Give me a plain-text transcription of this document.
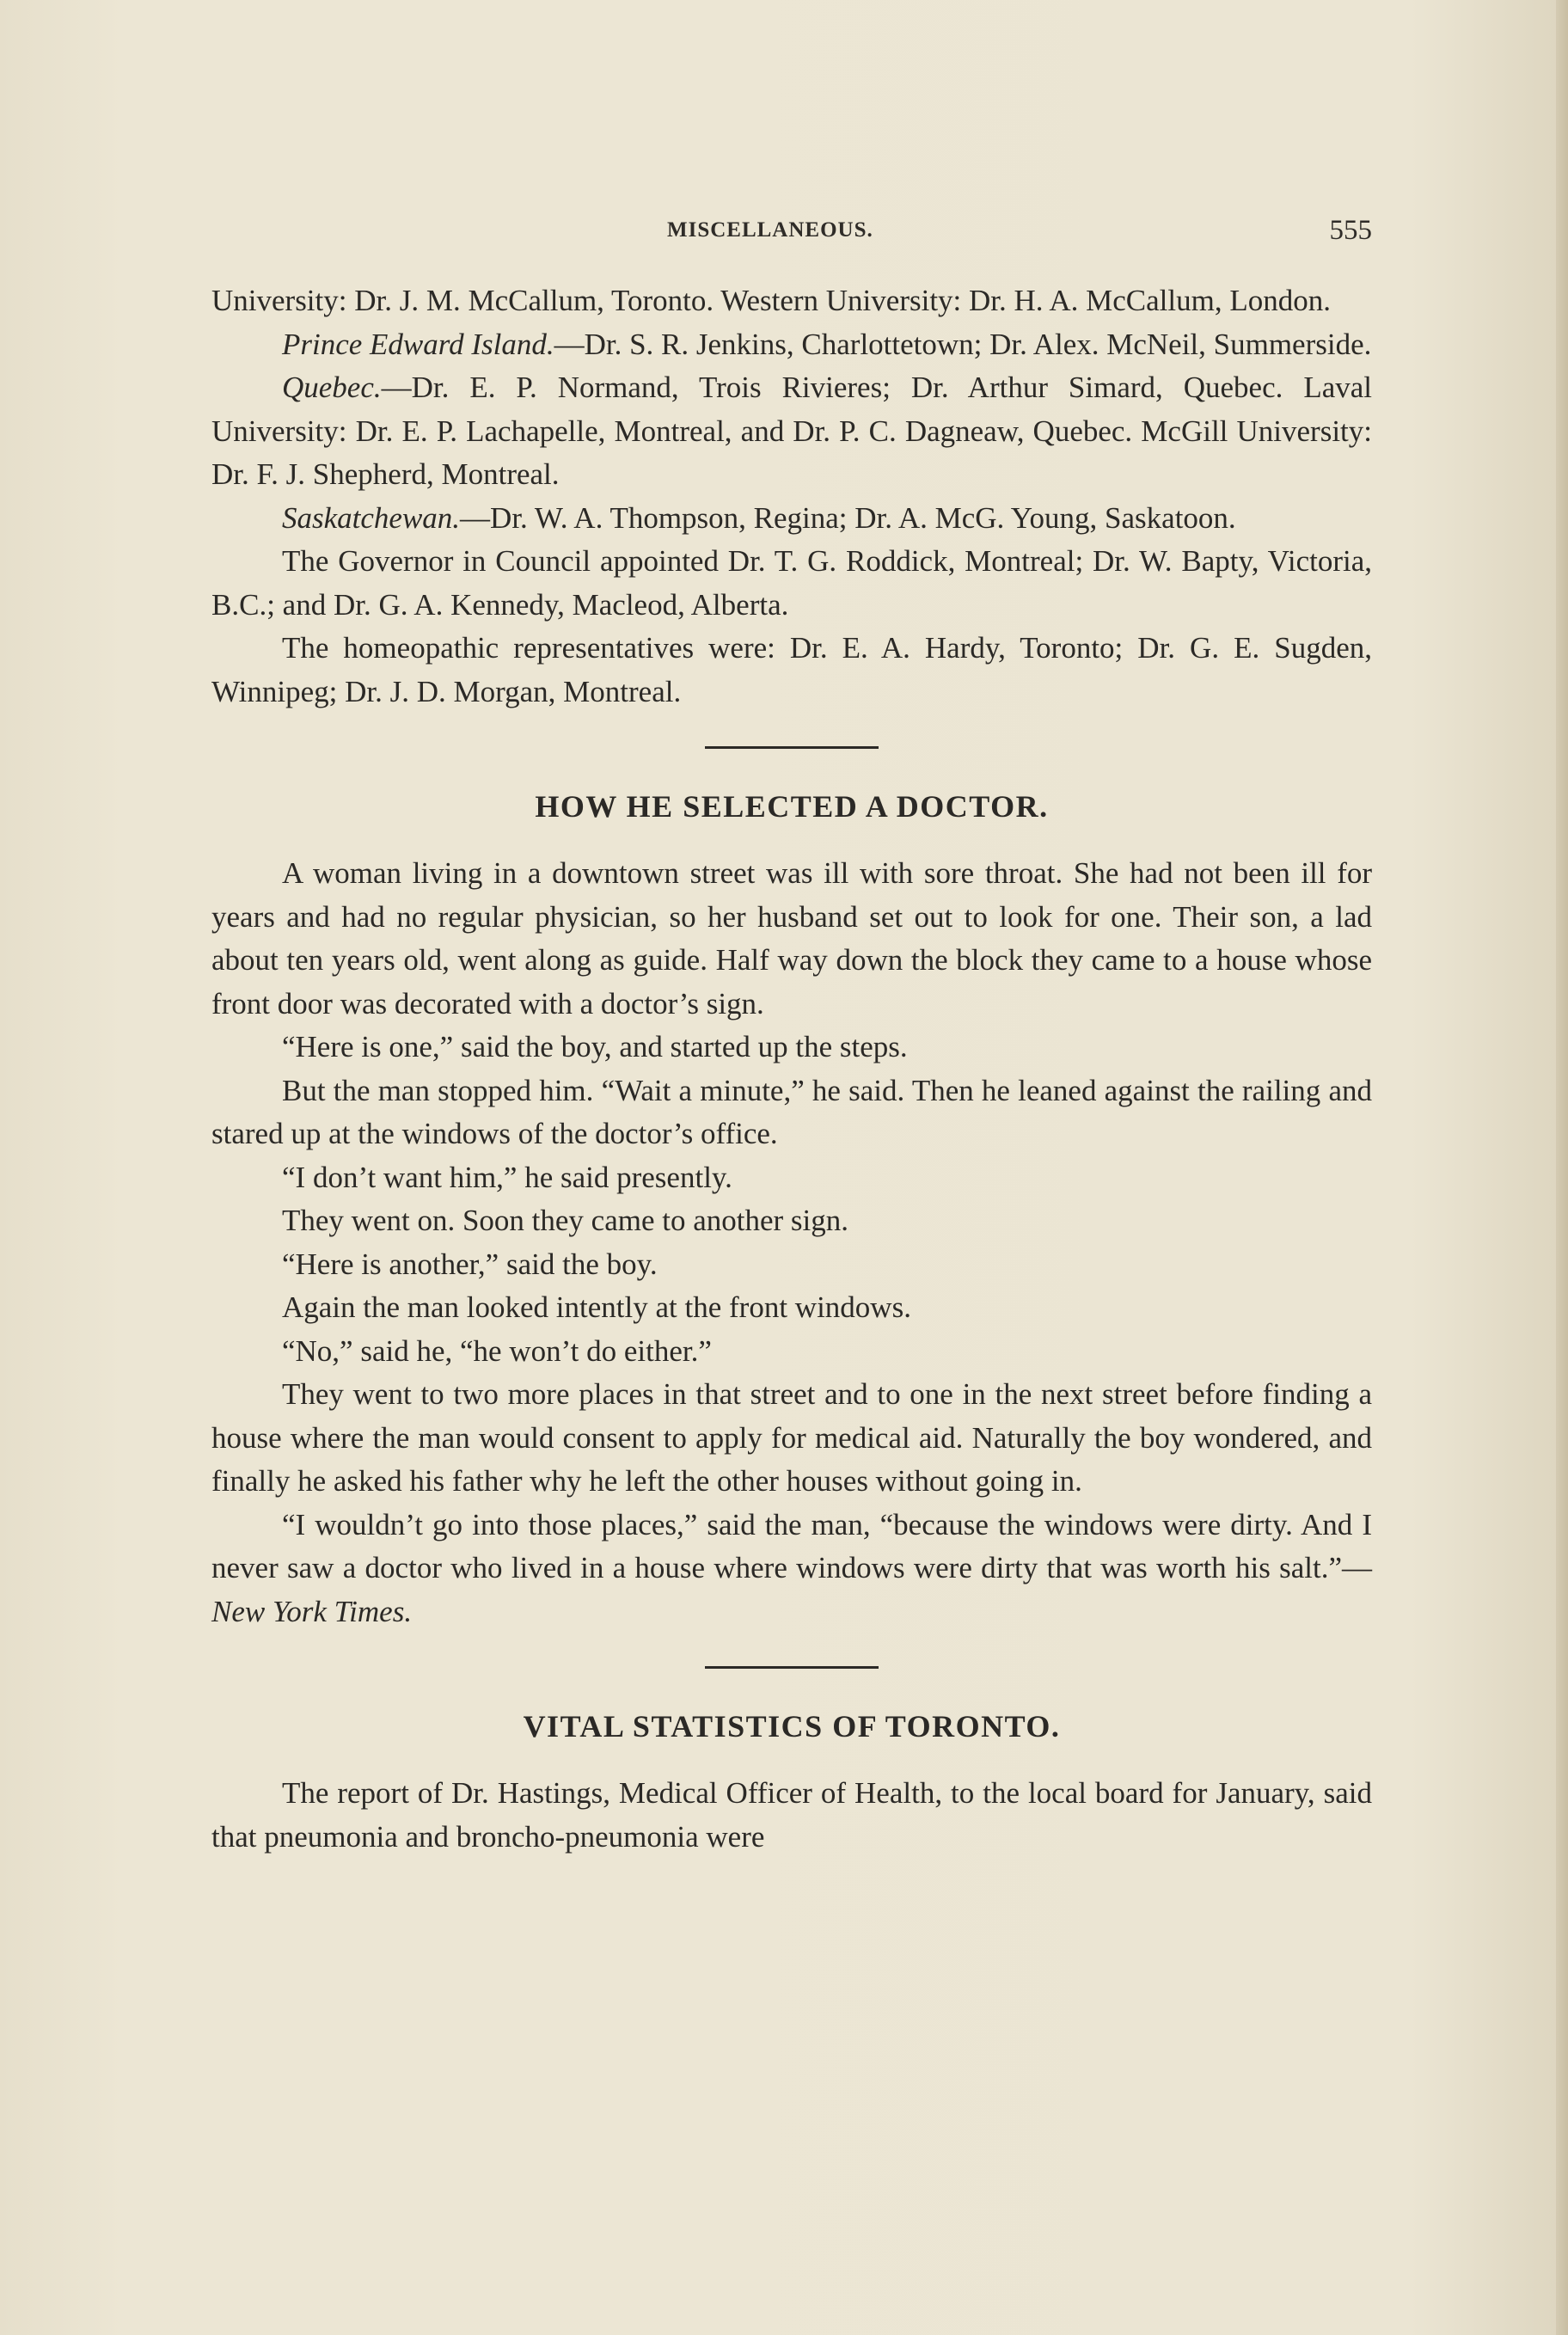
MISCELLANEOUS.	555

University: Dr. J. M. McCallum, Toronto. Western University: Dr. H. A. McCallum, London.

Prince Edward Island.—Dr. S. R. Jenkins, Charlottetown; Dr. Alex. McNeil, Summerside.

Quebec.—Dr. E. P. Normand, Trois Rivieres; Dr. Arthur Simard, Quebec. Laval University: Dr. E. P. Lachapelle, Montreal, and Dr. P. C. Dagneaw, Quebec. McGill University: Dr. F. J. Shepherd, Montreal.

Saskatchewan.—Dr. W. A. Thompson, Regina; Dr. A. McG. Young, Saskatoon.

The Governor in Council appointed Dr. T. G. Roddick, Montreal; Dr. W. Bapty, Victoria, B.C.; and Dr. G. A. Kennedy, Macleod, Alberta.

The homeopathic representatives were: Dr. E. A. Hardy, Toronto; Dr. G. E. Sugden, Winnipeg; Dr. J. D. Morgan, Montreal.

HOW HE SELECTED A DOCTOR.

A woman living in a downtown street was ill with sore throat. She had not been ill for years and had no regular physician, so her husband set out to look for one. Their son, a lad about ten years old, went along as guide. Half way down the block they came to a house whose front door was decorated with a doctor’s sign.

“Here is one,” said the boy, and started up the steps.

But the man stopped him. “Wait a minute,” he said. Then he leaned against the railing and stared up at the windows of the doctor’s office.

“I don’t want him,” he said presently.

They went on. Soon they came to another sign.

“Here is another,” said the boy.

Again the man looked intently at the front windows.

“No,” said he, “he won’t do either.”

They went to two more places in that street and to one in the next street before finding a house where the man would consent to apply for medical aid. Naturally the boy wondered, and finally he asked his father why he left the other houses without going in.

“I wouldn’t go into those places,” said the man, “because the windows were dirty. And I never saw a doctor who lived in a house where windows were dirty that was worth his salt.”—New York Times.

VITAL STATISTICS OF TORONTO.

The report of Dr. Hastings, Medical Officer of Health, to the local board for January, said that pneumonia and broncho-pneumonia were
